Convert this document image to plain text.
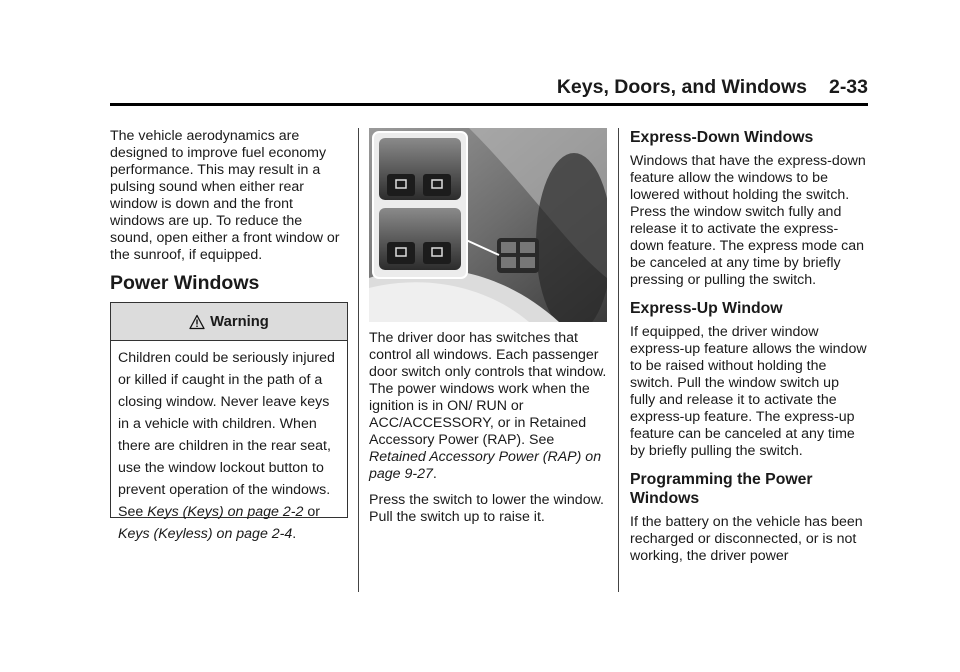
Keys, Doors, and Windows 2-33

The vehicle aerodynamics are designed to improve fuel economy performance. This may result in a pulsing sound when either rear window is down and the front windows are up. To reduce the sound, open either a front window or the sunroof, if equipped.

Power Windows
Warning
Children could be seriously injured or killed if caught in the path of a closing window. Never leave keys in a vehicle with children. When there are children in the rear seat, use the window lockout button to prevent operation of the windows. See Keys (Keys) on page 2-2 or Keys (Keyless) on page 2-4.

The driver door has switches that control all windows. Each passenger door switch only controls that window. The power windows work when the ignition is in ON/ RUN or ACC/ACCESSORY, or in Retained Accessory Power (RAP). See Retained Accessory Power (RAP) on page 9-27.

Press the switch to lower the window. Pull the switch up to raise it.

Express-Down Windows

Windows that have the express-down feature allow the windows to be lowered without holding the switch. Press the window switch fully and release it to activate the express-down feature. The express mode can be canceled at any time by briefly pressing or pulling the switch.

Express-Up Window

If equipped, the driver window express-up feature allows the window to be raised without holding the switch. Pull the window switch up fully and release it to activate the express-up feature. The express-up feature can be canceled at any time by briefly pulling the switch.

Programming the Power Windows

If the battery on the vehicle has been recharged or disconnected, or is not working, the driver power
